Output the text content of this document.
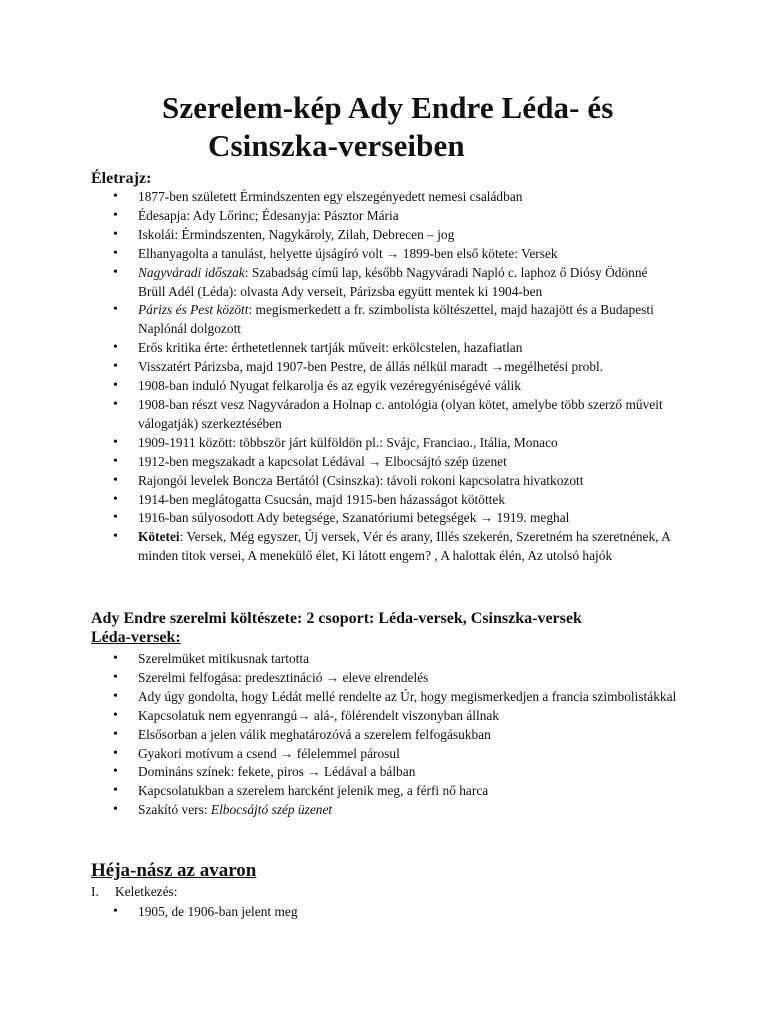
Szerelem-kép Ady Endre Léda- és
Csinszka-verseiben
Életrajz:
• 1877-ben született Érmindszenten egy elszegényedett nemesi családban
• Édesapja: Ady Lőrinc; Édesanyja: Pásztor Mária
• Iskolái: Érmindszenten, Nagykároly, Zilah, Debrecen – jog
• Elhanyagolta a tanulást, helyette újságíró volt → 1899-ben első kötete: Versek
• Nagyváradi időszak: Szabadság című lap, később Nagyváradi Napló c. laphoz ő Diósy Ödönné Brüll Adél (Léda): olvasta Ady verseit, Párizsba együtt mentek ki 1904-ben
• Párizs és Pest között: megismerkedett a fr. szimbolista költészettel, majd hazajött és a Budapesti Naplónál dolgozott
• Erős kritika érte: érthetetlennek tartják műveit: erkölcstelen, hazafiatlan
• Visszatért Párizsba, majd 1907-ben Pestre, de állás nélkül maradt →megélhetési probl.
• 1908-ban induló Nyugat felkarolja és az egyik vezéregyéniségévé válik
• 1908-ban részt vesz Nagyváradon a Holnap c. antológia (olyan kötet, amelybe több szerző műveit válogatják) szerkeztésében
• 1909-1911 között: többször járt külföldön pl.: Svájc, Franciao., Itália, Monaco
• 1912-ben megszakadt a kapcsolat Lédával → Elbocsájtó szép üzenet
• Rajongói levelek Boncza Bertától (Csinszka): távoli rokoni kapcsolatra hivatkozott
• 1914-ben meglátogatta Csucsán, majd 1915-ben házasságot kötöttek
• 1916-ban súlyosodott Ady betegsége, Szanatóriumi betegségek → 1919. meghal
• Kötetei: Versek, Még egyszer, Új versek, Vér és arany, Illés szekerén, Szeretném ha szeretnének, A minden titok versei, A menekülő élet, Ki látott engem? , A halottak élén, Az utolsó hajók
Ady Endre szerelmi költészete: 2 csoport: Léda-versek, Csinszka-versek
Léda-versek:
• Szerelmüket mitikusnak tartotta
• Szerelmi felfogása: predesztináció → eleve elrendelés
• Ady úgy gondolta, hogy Lédát mellé rendelte az Úr, hogy megismerkedjen a francia szimbolistákkal
• Kapcsolatuk nem egyenrangú→ alá-, fölérendelt viszonyban állnak
• Elsősorban a jelen válik meghatározóvá a szerelem felfogásukban
• Gyakori motívum a csend → félelemmel párosul
• Domináns színek: fekete, piros → Lédával a bálban
• Kapcsolatukban a szerelem harcként jelenik meg, a férfi nő harca
• Szakító vers: Elbocsájtó szép üzenet
Héja-nász az avaron
I. Keletkezés:
• 1905, de 1906-ban jelent meg
